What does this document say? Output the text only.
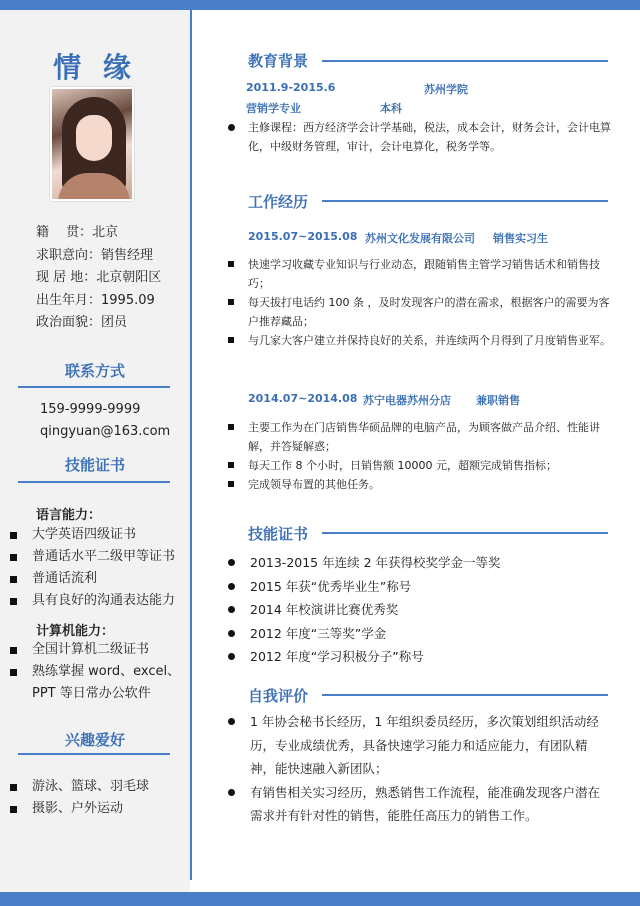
情 缘
籍　 贯：北京
求职意向：销售经理
现 居 地：北京朝阳区
出生年月：1995.09
政治面貌：团员
联系方式
159-9999-9999
qingyuan@163.com
技能证书
语言能力：
大学英语四级证书
普通话水平二级甲等证书
普通话流利
具有良好的沟通表达能力
计算机能力：
全国计算机二级证书
熟练掌握 word、excel、
PPT 等日常办公软件
兴趣爱好
游泳、篮球、羽毛球
摄影、户外运动
教育背景
2011.9-2015.6	苏州学院
营销学专业	本科
主修课程：西方经济学会计学基础，税法，成本会计，财务会计，会计电算化，中级财务管理，审计，会计电算化，税务学等。
工作经历
2015.07~2015.08 苏州文化发展有限公司 销售实习生
快速学习收藏专业知识与行业动态，跟随销售主管学习销售话术和销售技巧；
每天拔打电话约 100 条 ，及时发现客户的潜在需求，根据客户的需要为客户推荐藏品；
与几家大客户建立并保持良好的关系，并连续两个月得到了月度销售亚军。
2014.07~2014.08 苏宁电器苏州分店 兼职销售
主要工作为在门店销售华硕品牌的电脑产品，为顾客做产品介绍、性能讲解，并答疑解惑；
每天工作 8 个小时，日销售额 10000 元，超额完成销售指标；
完成领导布置的其他任务。
技能证书
2013-2015 年连续 2 年获得校奖学金一等奖
2015 年获“优秀毕业生”称号
2014 年校演讲比赛优秀奖
2012 年度“三等奖”学金
2012 年度“学习积极分子”称号
自我评价
1 年协会秘书长经历，1 年组织委员经历，多次策划组织活动经历，专业成绩优秀，具备快速学习能力和适应能力，有团队精神，能快速融入新团队；
有销售相关实习经历，熟悉销售工作流程，能准确发现客户潜在需求并有针对性的销售，能胜任高压力的销售工作。
